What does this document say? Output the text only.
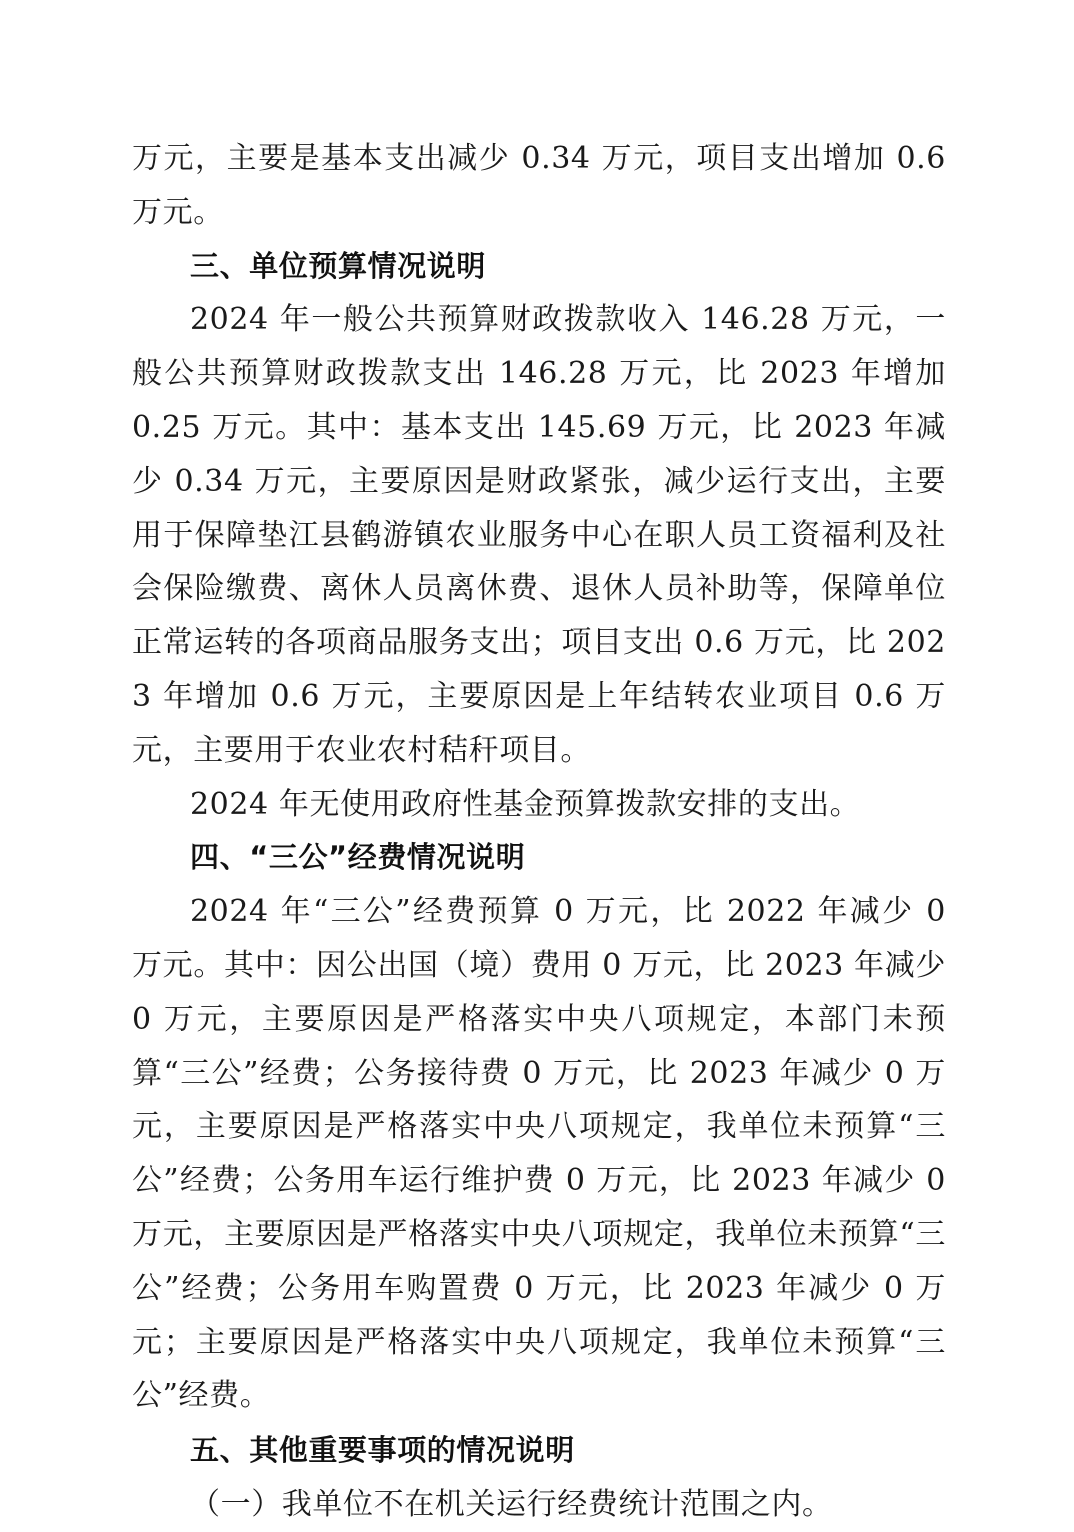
万元，主要是基本支出减少 0.34 万元，项目支出增加 0.6 万元。

三、单位预算情况说明

2024 年一般公共预算财政拨款收入 146.28 万元，一般公共预算财政拨款支出 146.28 万元，比 2023 年增加 0.25 万元。其中：基本支出 145.69 万元，比 2023 年减少 0.34 万元，主要原因是财政紧张，减少运行支出，主要用于保障垫江县鹤游镇农业服务中心在职人员工资福利及社会保险缴费、离休人员离休费、退休人员补助等，保障单位正常运转的各项商品服务支出；项目支出 0.6 万元，比 2023 年增加 0.6 万元，主要原因是上年结转农业项目 0.6 万元，主要用于农业农村秸秆项目。

2024 年无使用政府性基金预算拨款安排的支出。

四、“三公”经费情况说明

2024 年“三公”经费预算 0 万元，比 2022 年减少 0 万元。其中：因公出国（境）费用 0 万元，比 2023 年减少 0 万元，主要原因是严格落实中央八项规定，本部门未预算“三公”经费；公务接待费 0 万元，比 2023 年减少 0 万元，主要原因是严格落实中央八项规定，我单位未预算“三公”经费；公务用车运行维护费 0 万元，比 2023 年减少 0 万元，主要原因是严格落实中央八项规定，我单位未预算“三公”经费；公务用车购置费 0 万元，比 2023 年减少 0 万元；主要原因是严格落实中央八项规定，我单位未预算“三公”经费。

五、其他重要事项的情况说明

（一）我单位不在机关运行经费统计范围之内。
